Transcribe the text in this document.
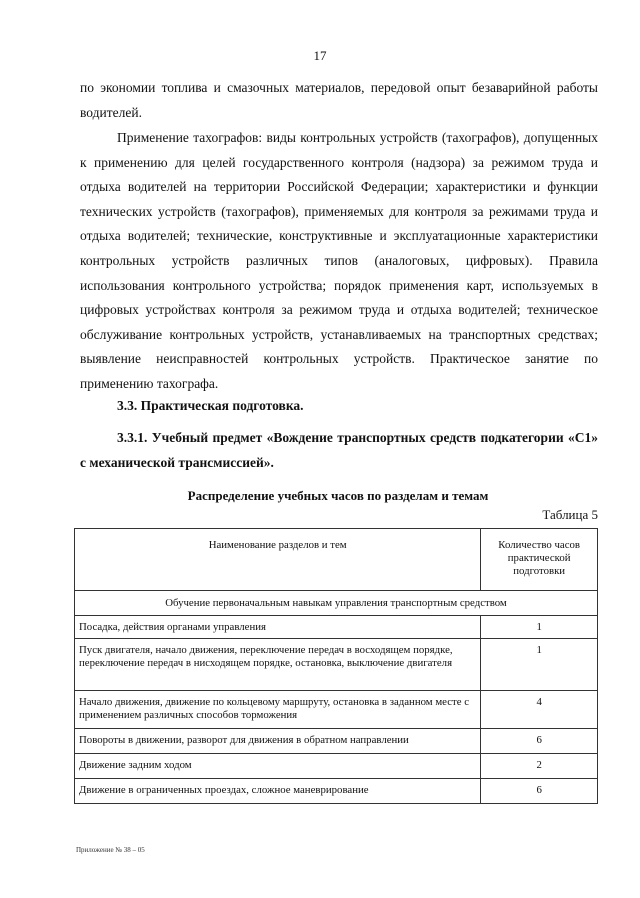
17
по экономии топлива и смазочных материалов, передовой опыт безаварийной работы водителей.
Применение тахографов: виды контрольных устройств (тахографов), допущенных к применению для целей государственного контроля (надзора) за режимом труда и отдыха водителей на территории Российской Федерации; характеристики и функции технических устройств (тахографов), применяемых для контроля за режимами труда и отдыха водителей; технические, конструктивные и эксплуатационные характеристики контрольных устройств различных типов (аналоговых, цифровых). Правила использования контрольного устройства; порядок применения карт, используемых в цифровых устройствах контроля за режимом труда и отдыха водителей; техническое обслуживание контрольных устройств, устанавливаемых на транспортных средствах; выявление неисправностей контрольных устройств. Практическое занятие по применению тахографа.
3.3. Практическая подготовка.
3.3.1. Учебный предмет «Вождение транспортных средств подкатегории «С1» с механической трансмиссией».
Распределение учебных часов по разделам и темам
Таблица 5
Наименование разделов и тем	Количество часов практической подготовки
Обучение первоначальным навыкам управления транспортным средством	
Посадка, действия органами управления	1
Пуск двигателя, начало движения, переключение передач в восходящем порядке, переключение передач в нисходящем порядке, остановка, выключение двигателя	1
Начало движения, движение по кольцевому маршруту, остановка в заданном месте с применением различных способов торможения	4
Повороты в движении, разворот для движения в обратном направлении	6
Движение задним ходом	2
Движение в ограниченных проездах, сложное маневрирование	6
Приложение № 38 – 05
